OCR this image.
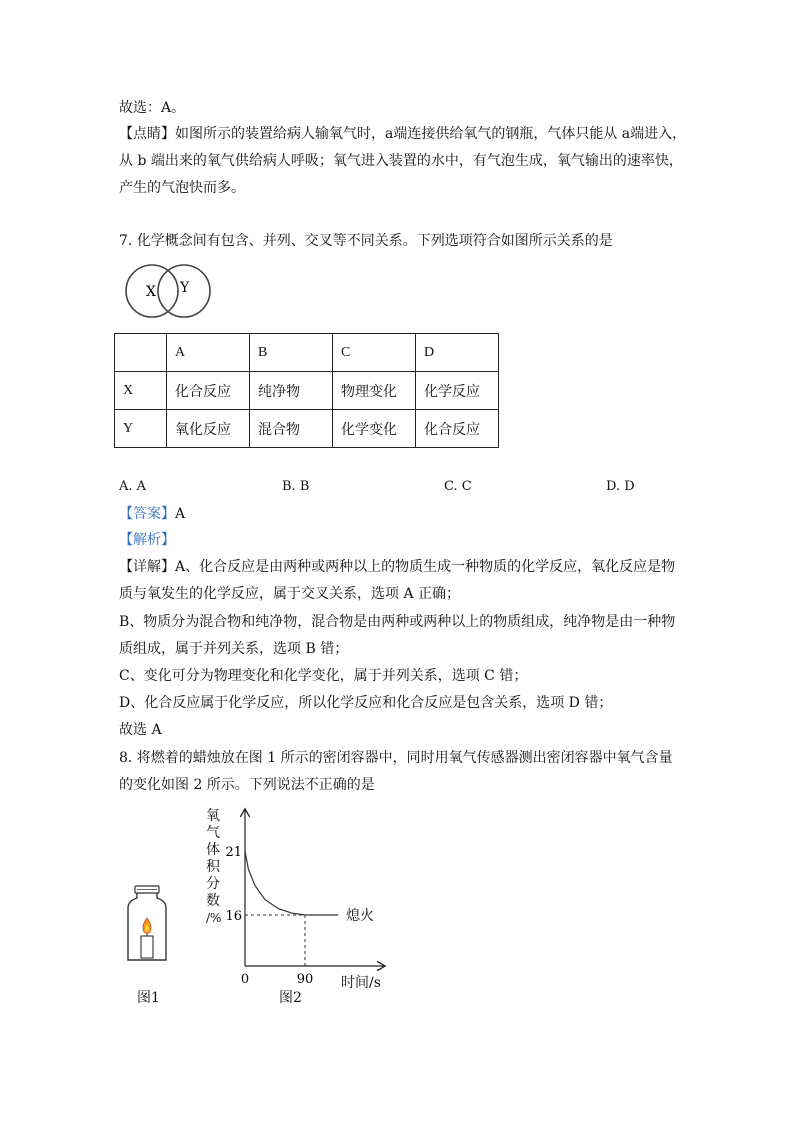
故选：A。
【点睛】如图所示的装置给病人输氧气时，a端连接供给氧气的钢瓶，气体只能从 a端进入，
从 b 端出来的氧气供给病人呼吸；氧气进入装置的水中，有气泡生成，氧气输出的速率快，
产生的气泡快而多。
7. 化学概念间有包含、并列、交叉等不同关系。下列选项符合如图所示关系的是
X Y
	A	B	C	D
X	化合反应	纯净物	物理变化	化学反应
Y	氧化反应	混合物	化学变化	化合反应
A. A	B. B	C. C	D. D
【答案】A
【解析】
【详解】A、化合反应是由两种或两种以上的物质生成一种物质的化学反应，氧化反应是物
质与氧发生的化学反应，属于交叉关系，选项 A 正确；
B、物质分为混合物和纯净物，混合物是由两种或两种以上的物质组成，纯净物是由一种物
质组成，属于并列关系，选项 B 错；
C、变化可分为物理变化和化学变化，属于并列关系，选项 C 错；
D、化合反应属于化学反应，所以化学反应和化合反应是包含关系，选项 D 错；
故选 A
8. 将燃着的蜡烛放在图 1 所示的密闭容器中，同时用氧气传感器测出密闭容器中氧气含量
的变化如图 2 所示。下列说法不正确的是
图1
氧
气
体
积
分
数
/%
21
16
0	90
熄火
时间/s
图2
